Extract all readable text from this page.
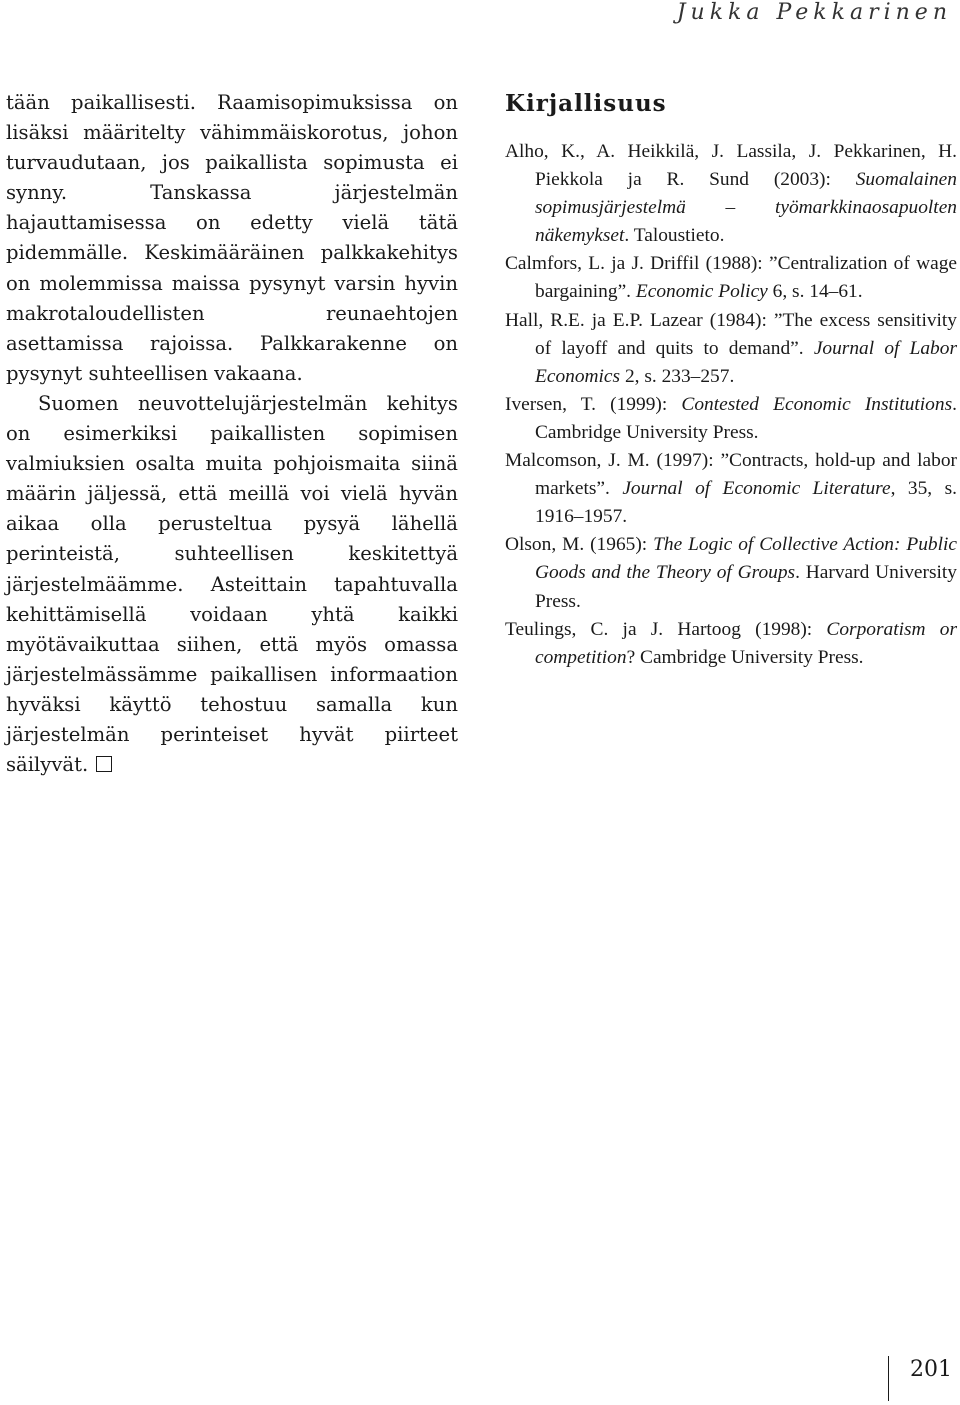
Jukka Pekkarinen

tään paikallisesti. Raamisopimuksissa on lisäksi määritelty vähimmäiskorotus, johon turvaudutaan, jos paikallista sopimusta ei synny. Tanskassa järjestelmän hajauttamisessa on edetty vielä tätä pidemmälle. Keskimääräinen palkkakehitys on molemmissa maissa pysynyt varsin hyvin makrotaloudellisten reunaehtojen asettamissa rajoissa. Palkkarakenne on pysynyt suhteellisen vakaana.

Suomen neuvottelujärjestelmän kehitys on esimerkiksi paikallisten sopimisen valmiuksien osalta muita pohjoismaita siinä määrin jäljessä, että meillä voi vielä hyvän aikaa olla perusteltua pysyä lähellä perinteistä, suhteellisen keskitettyä järjestelmäämme. Asteittain tapahtuvalla kehittämisellä voidaan yhtä kaikki myötävaikuttaa siihen, että myös omassa järjestelmässämme paikallisen informaation hyväksi käyttö tehostuu samalla kun järjestelmän perinteiset hyvät piirteet säilyvät.

Kirjallisuus

Alho, K., A. Heikkilä, J. Lassila, J. Pekkarinen, H. Piekkola ja R. Sund (2003): Suomalainen sopimusjärjestelmä – työmarkkinaosapuolten näkemykset. Taloustieto.

Calmfors, L. ja J. Driffil (1988): ”Centralization of wage bargaining”. Economic Policy 6, s. 14–61.

Hall, R.E. ja E.P. Lazear (1984): ”The excess sensitivity of layoff and quits to demand”. Journal of Labor Economics 2, s. 233–257.

Iversen, T. (1999): Contested Economic Institutions. Cambridge University Press.

Malcomson, J. M. (1997): ”Contracts, hold-up and labor markets”. Journal of Economic Literature, 35, s. 1916–1957.

Olson, M. (1965): The Logic of Collective Action: Public Goods and the Theory of Groups. Harvard University Press.

Teulings, C. ja J. Hartoog (1998): Corporatism or competition? Cambridge University Press.

201
